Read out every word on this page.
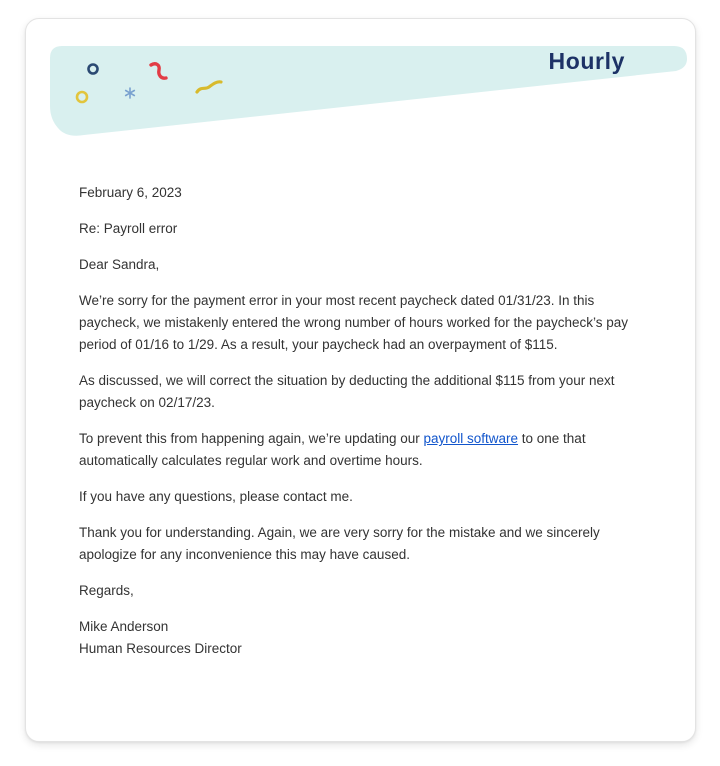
Hourly

February 6, 2023

Re: Payroll error

Dear Sandra,

We’re sorry for the payment error in your most recent paycheck dated 01/31/23. In this paycheck, we mistakenly entered the wrong number of hours worked for the paycheck’s pay period of 01/16 to 1/29. As a result, your paycheck had an overpayment of $115.

As discussed, we will correct the situation by deducting the additional $115 from your next paycheck on 02/17/23.

To prevent this from happening again, we’re updating our payroll software to one that automatically calculates regular work and overtime hours.

If you have any questions, please contact me.

Thank you for understanding. Again, we are very sorry for the mistake and we sincerely apologize for any inconvenience this may have caused.

Regards,

Mike Anderson
Human Resources Director
